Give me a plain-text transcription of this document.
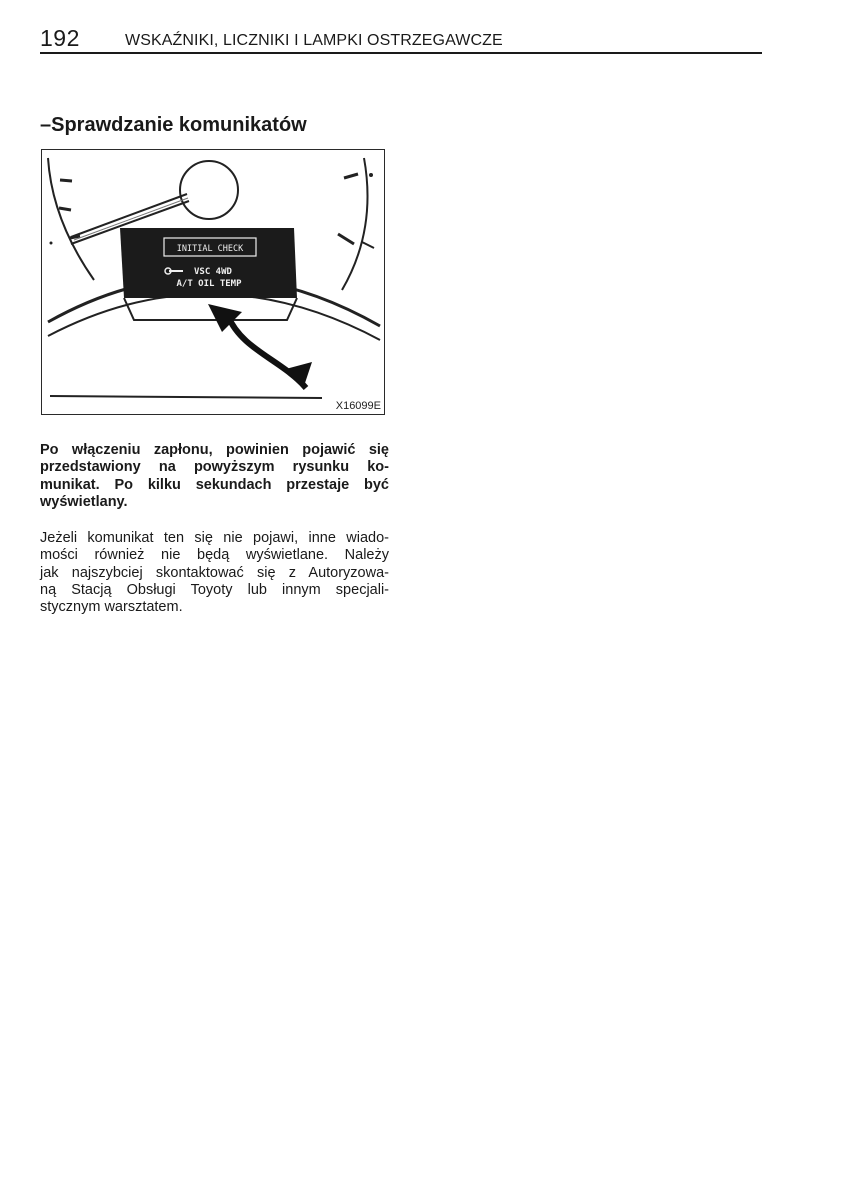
192	WSKAŹNIKI, LICZNIKI I LAMPKI OSTRZEGAWCZE
–Sprawdzanie komunikatów
INITIAL CHECK
VSC 4WD
A/T OIL TEMP
X16099E
Po włączeniu zapłonu, powinien pojawić się
przedstawiony na powyższym rysunku ko-
munikat. Po kilku sekundach przestaje być
wyświetlany.
Jeżeli komunikat ten się nie pojawi, inne wiado-
mości również nie będą wyświetlane. Należy
jak najszybciej skontaktować się z Autoryzowa-
ną Stacją Obsługi Toyoty lub innym specjali-
stycznym warsztatem.
